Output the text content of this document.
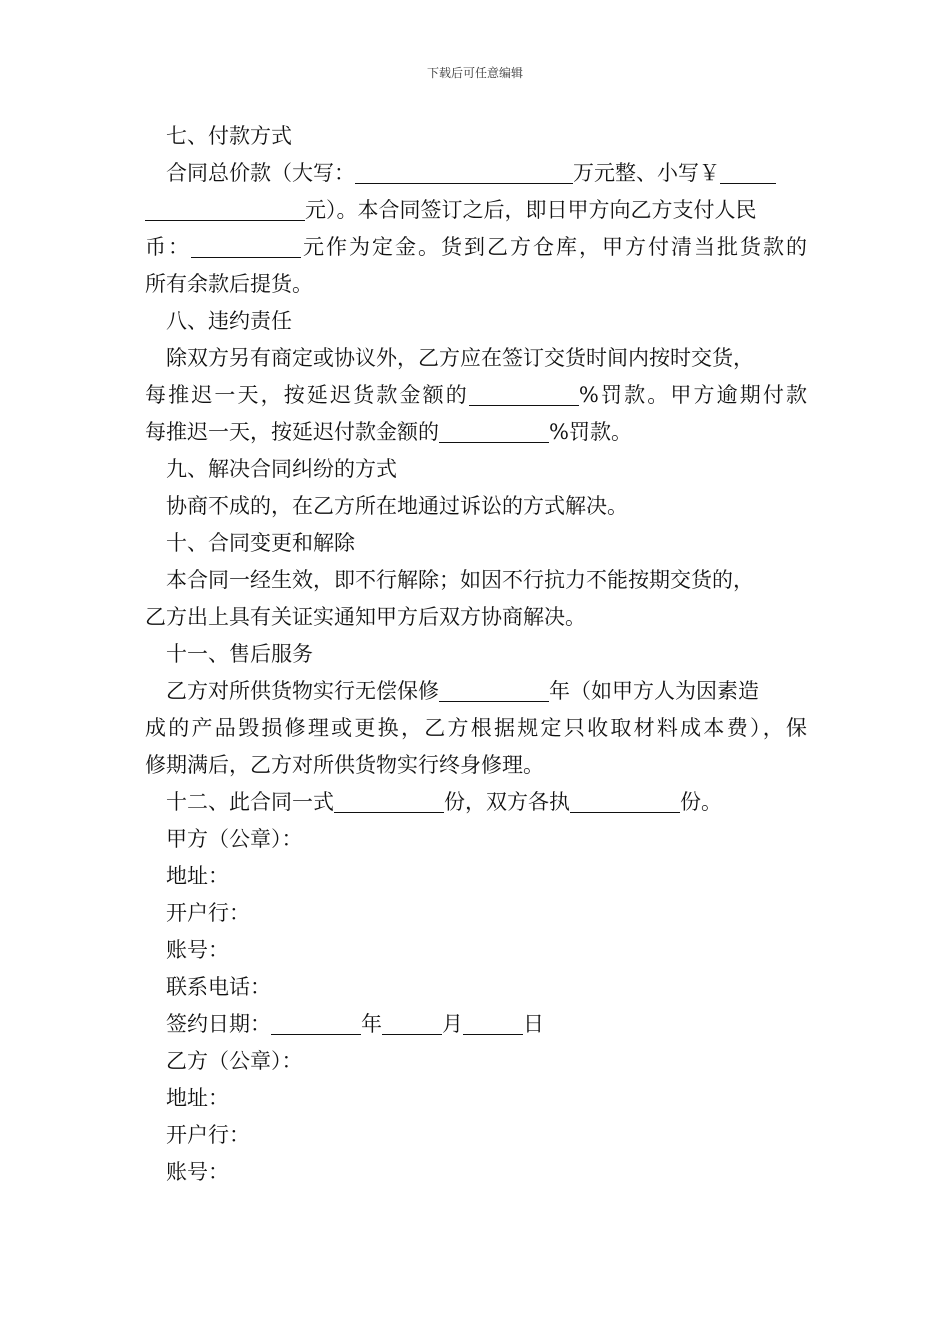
下载后可任意编辑
七、付款方式
合同总价款（大写：	万元整、小写￥
元）。本合同签订之后，即日甲方向乙方支付人民
币：	元作为定金。货到乙方仓库，甲方付清当批货款的
所有余款后提货。
八、违约责任
除双方另有商定或协议外，乙方应在签订交货时间内按时交货，
每推迟一天，按延迟货款金额的	%罚款。甲方逾期付款
每推迟一天，按延迟付款金额的	%罚款。
九、解决合同纠纷的方式
协商不成的，在乙方所在地通过诉讼的方式解决。
十、合同变更和解除
本合同一经生效，即不行解除；如因不行抗力不能按期交货的，
乙方出上具有关证实通知甲方后双方协商解决。
十一、售后服务
乙方对所供货物实行无偿保修	年（如甲方人为因素造
成的产品毁损修理或更换，乙方根据规定只收取材料成本费），保
修期满后，乙方对所供货物实行终身修理。
十二、此合同一式	份，双方各执	份。
甲方（公章）：
地址：
开户行：
账号：
联系电话：
签约日期：	年	月	日
乙方（公章）：
地址：
开户行：
账号：
